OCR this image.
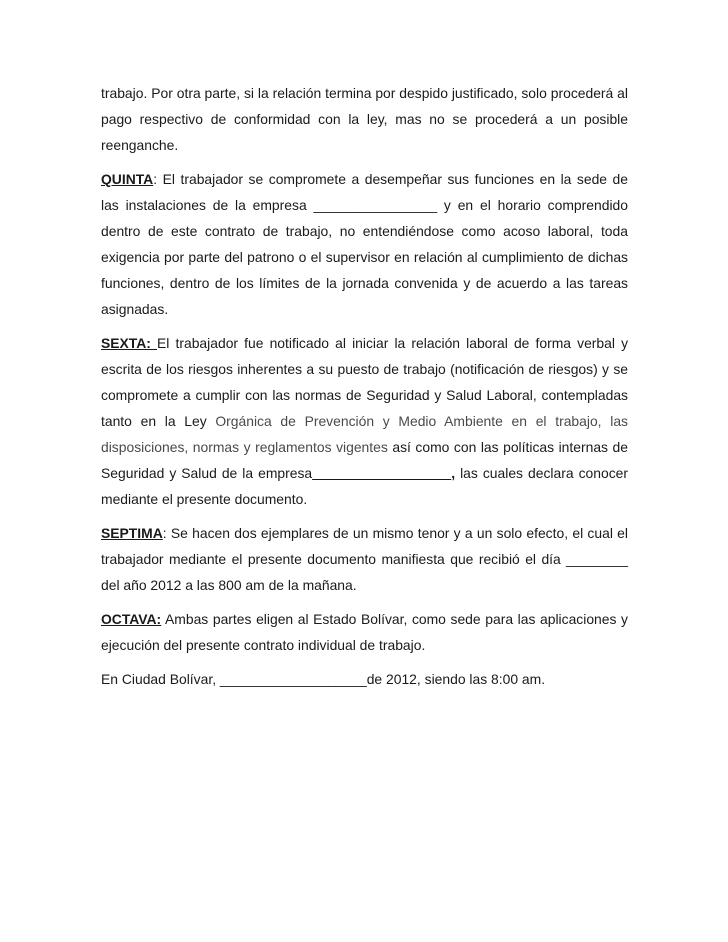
trabajo. Por otra parte, si la relación termina por despido justificado, solo procederá al pago respectivo de conformidad con la ley, mas no se procederá a un posible reenganche.

QUINTA: El trabajador se compromete a desempeñar sus funciones en la sede de las instalaciones de la empresa ________________ y en el horario comprendido dentro de este contrato de trabajo, no entendiéndose como acoso laboral, toda exigencia por parte del patrono o el supervisor en relación al cumplimiento de dichas funciones, dentro de los límites de la jornada convenida y de acuerdo a las tareas asignadas.

SEXTA: El trabajador fue notificado al iniciar la relación laboral de forma verbal y escrita de los riesgos inherentes a su puesto de trabajo (notificación de riesgos) y se compromete a cumplir con las normas de Seguridad y Salud Laboral, contempladas tanto en la Ley Orgánica de Prevención y Medio Ambiente en el trabajo, las disposiciones, normas y reglamentos vigentes así como con las políticas internas de Seguridad y Salud de la empresa__________________, las cuales declara conocer mediante el presente documento.

SEPTIMA: Se hacen dos ejemplares de un mismo tenor y a un solo efecto, el cual el trabajador mediante el presente documento manifiesta que recibió el día ________ del año 2012 a las 800 am de la mañana.

OCTAVA: Ambas partes eligen al Estado Bolívar, como sede para las aplicaciones y ejecución del presente contrato individual de trabajo.

En Ciudad Bolívar, ___________________de 2012, siendo las 8:00 am.
